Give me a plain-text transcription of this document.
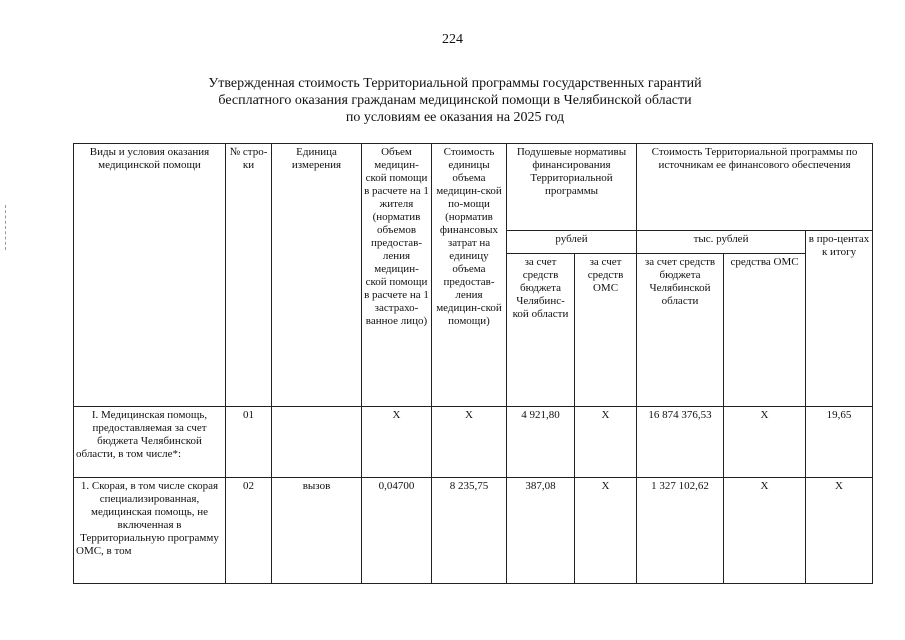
224
Утвержденная стоимость Территориальной программы государственных гарантий
бесплатного оказания гражданам медицинской помощи в Челябинской области
по условиям ее оказания на 2025 год
Виды и условия оказания медицинской помощи	№ стро-ки	Единица измерения	Объем медицин-ской помощи в расчете на 1 жителя (норматив объемов предостав-ления медицин-ской помощи в расчете на 1 застрахо-ванное лицо)	Стоимость единицы объема медицин-ской по-мощи (норматив финансовых затрат на единицу объема предостав-ления медицин-ской помощи)	Подушевые нормативы финансирования Территориальной программы		Стоимость Территориальной программы по источникам ее финансового обеспечения		
					рублей		тыс. рублей		в про-центах к итогу
					за счет средств бюджета Челябинс-кой области	за счет средств ОМС	за счет средств бюджета Челябинской области	средства ОМС	
I. Медицинская помощь, предоставляемая за счет бюджета Челябинской области, в том числе*:	01		Х	Х	4 921,80	Х	16 874 376,53	Х	19,65
1. Скорая, в том числе скорая специализированная, медицинская помощь, не включенная в Территориальную программу ОМС, в том	02	вызов	0,04700	8 235,75	387,08	Х	1 327 102,62	Х	Х
